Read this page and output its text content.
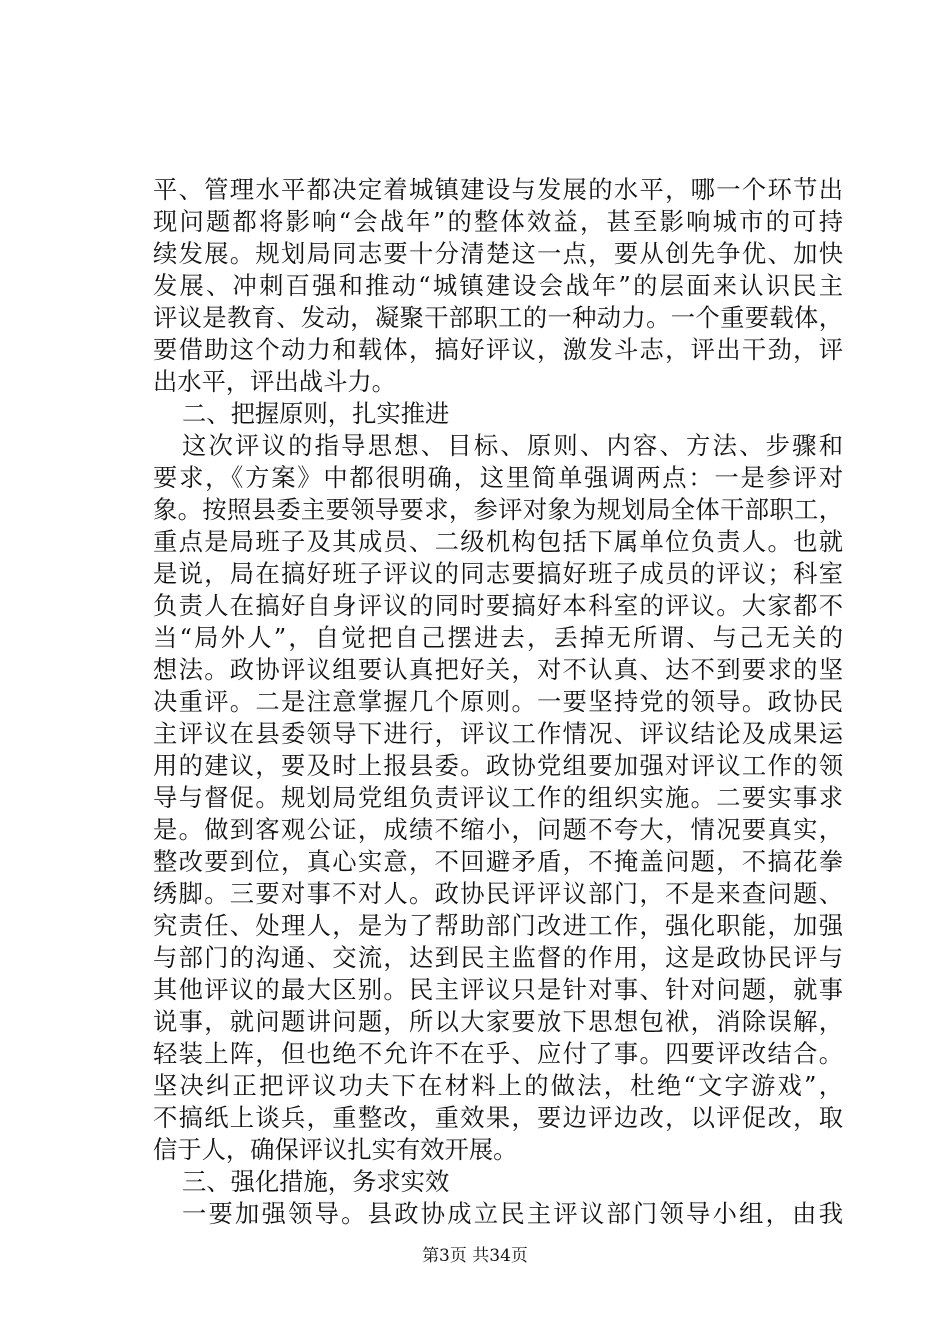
平、管理水平都决定着城镇建设与发展的水平，哪一个环节出
现问题都将影响“会战年”的整体效益，甚至影响城市的可持
续发展。规划局同志要十分清楚这一点，要从创先争优、加快
发展、冲刺百强和推动“城镇建设会战年”的层面来认识民主
评议是教育、发动，凝聚干部职工的一种动力。一个重要载体，
要借助这个动力和载体，搞好评议，激发斗志，评出干劲，评
出水平，评出战斗力。
二、把握原则，扎实推进
这次评议的指导思想、目标、原则、内容、方法、步骤和
要求，《方案》中都很明确，这里简单强调两点：一是参评对
象。按照县委主要领导要求，参评对象为规划局全体干部职工，
重点是局班子及其成员、二级机构包括下属单位负责人。也就
是说，局在搞好班子评议的同志要搞好班子成员的评议；科室
负责人在搞好自身评议的同时要搞好本科室的评议。大家都不
当“局外人”，自觉把自己摆进去，丢掉无所谓、与己无关的
想法。政协评议组要认真把好关，对不认真、达不到要求的坚
决重评。二是注意掌握几个原则。一要坚持党的领导。政协民
主评议在县委领导下进行，评议工作情况、评议结论及成果运
用的建议，要及时上报县委。政协党组要加强对评议工作的领
导与督促。规划局党组负责评议工作的组织实施。二要实事求
是。做到客观公证，成绩不缩小，问题不夸大，情况要真实，
整改要到位，真心实意，不回避矛盾，不掩盖问题，不搞花拳
绣脚。三要对事不对人。政协民评评议部门，不是来查问题、
究责任、处理人，是为了帮助部门改进工作，强化职能，加强
与部门的沟通、交流，达到民主监督的作用，这是政协民评与
其他评议的最大区别。民主评议只是针对事、针对问题，就事
说事，就问题讲问题，所以大家要放下思想包袱，消除误解，
轻装上阵，但也绝不允许不在乎、应付了事。四要评改结合。
坚决纠正把评议功夫下在材料上的做法，杜绝“文字游戏”，
不搞纸上谈兵，重整改，重效果，要边评边改，以评促改，取
信于人，确保评议扎实有效开展。
三、强化措施，务求实效
一要加强领导。县政协成立民主评议部门领导小组，由我
第3页 共34页
